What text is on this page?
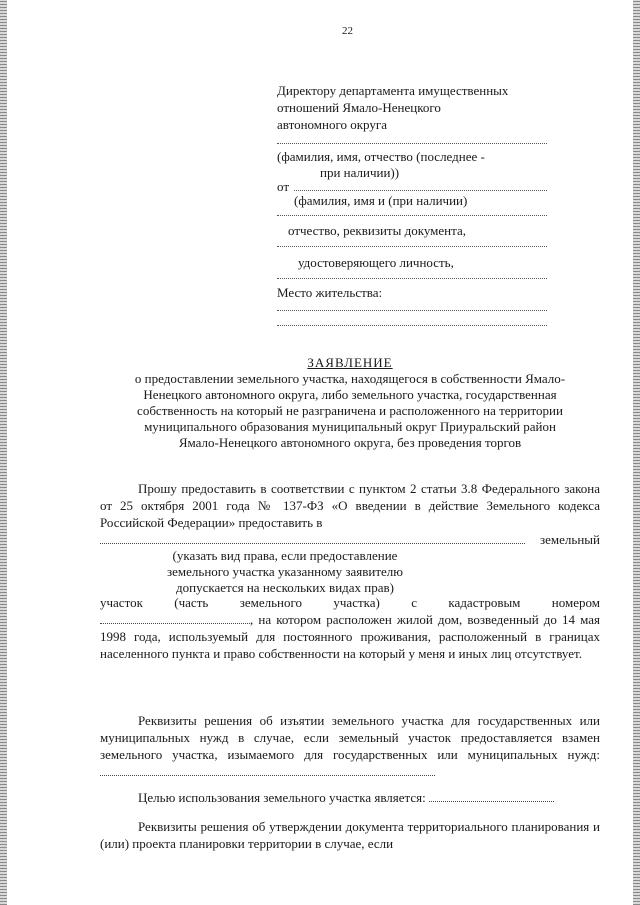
22
Директору департамента имущественных
отношений Ямало-Ненецкого
автономного округа
(фамилия, имя, отчество (последнее -
при наличии))
от
(фамилия, имя и (при наличии)
отчество, реквизиты документа,
удостоверяющего личность,
Место жительства:
ЗАЯВЛЕНИЕ
о предоставлении земельного участка, находящегося в собственности Ямало-
Ненецкого автономного округа, либо земельного участка, государственная
собственность на который не разграничена и расположенного на территории
муниципального образования муниципальный округ Приуральский район
Ямало-Ненецкого автономного округа, без проведения торгов
Прошу предоставить в соответствии с пунктом 2 статьи 3.8 Федерального закона от 25 октября 2001 года № 137-ФЗ «О введении в действие Земельного кодекса Российской Федерации» предоставить в
земельный
(указать вид права, если предоставление
земельного участка указанному заявителю
допускается на нескольких видах прав)
участок (часть земельного участка) с кадастровым номером
, на котором расположен жилой дом, возведенный до 14 мая 1998 года, используемый для постоянного проживания, расположенный в границах населенного пункта и право собственности на который у меня и иных лиц отсутствует.
Реквизиты решения об изъятии земельного участка для государственных или муниципальных нужд в случае, если земельный участок предоставляется взамен земельного участка, изымаемого для государственных или муниципальных нужд:
Целью использования земельного участка является:
Реквизиты решения об утверждении документа территориального планирования и (или) проекта планировки территории в случае, если
~~
